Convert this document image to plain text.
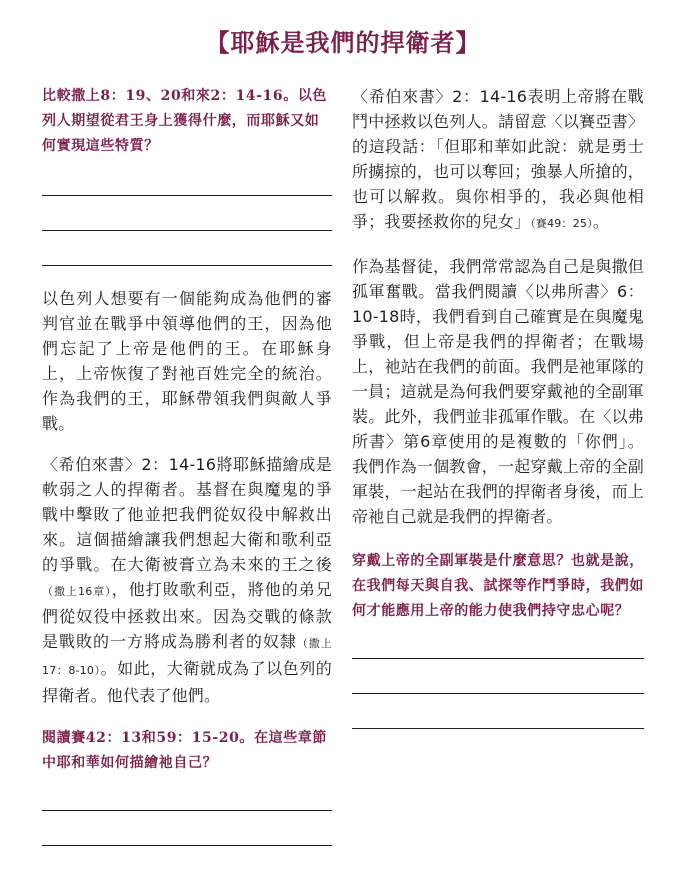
【耶穌是我們的捍衛者】

比較撒上8：19、20和來2：14-16。以色列人期望從君王身上獲得什麼，而耶穌又如何實現這些特質？

以色列人想要有一個能夠成為他們的審判官並在戰爭中領導他們的王，因為他們忘記了上帝是他們的王。在耶穌身上，上帝恢復了對祂百姓完全的統治。作為我們的王，耶穌帶領我們與敵人爭戰。

〈希伯來書〉2：14-16將耶穌描繪成是軟弱之人的捍衛者。基督在與魔鬼的爭戰中擊敗了他並把我們從奴役中解救出來。這個描繪讓我們想起大衛和歌利亞的爭戰。在大衛被膏立為未來的王之後（撒上16章），他打敗歌利亞，將他的弟兄們從奴役中拯救出來。因為交戰的條款是戰敗的一方將成為勝利者的奴隸（撒上17：8-10）。如此，大衛就成為了以色列的捍衛者。他代表了他們。

閱讀賽42：13和59：15-20。在這些章節中耶和華如何描繪祂自己？

〈希伯來書〉2：14-16表明上帝將在戰鬥中拯救以色列人。請留意〈以賽亞書〉的這段話：「但耶和華如此說：就是勇士所擄掠的，也可以奪回；強暴人所搶的，也可以解救。與你相爭的，我必與他相爭；我要拯救你的兒女」（賽49：25）。

作為基督徒，我們常常認為自己是與撒但孤軍奮戰。當我們閱讀〈以弗所書〉6：10-18時，我們看到自己確實是在與魔鬼爭戰，但上帝是我們的捍衛者；在戰場上，祂站在我們的前面。我們是祂軍隊的一員；這就是為何我們要穿戴祂的全副軍裝。此外，我們並非孤軍作戰。在〈以弗所書〉第6章使用的是複數的「你們」。我們作為一個教會，一起穿戴上帝的全副軍裝，一起站在我們的捍衛者身後，而上帝祂自己就是我們的捍衛者。

穿戴上帝的全副軍裝是什麼意思？也就是說，在我們每天與自我、試探等作鬥爭時，我們如何才能應用上帝的能力使我們持守忠心呢？
